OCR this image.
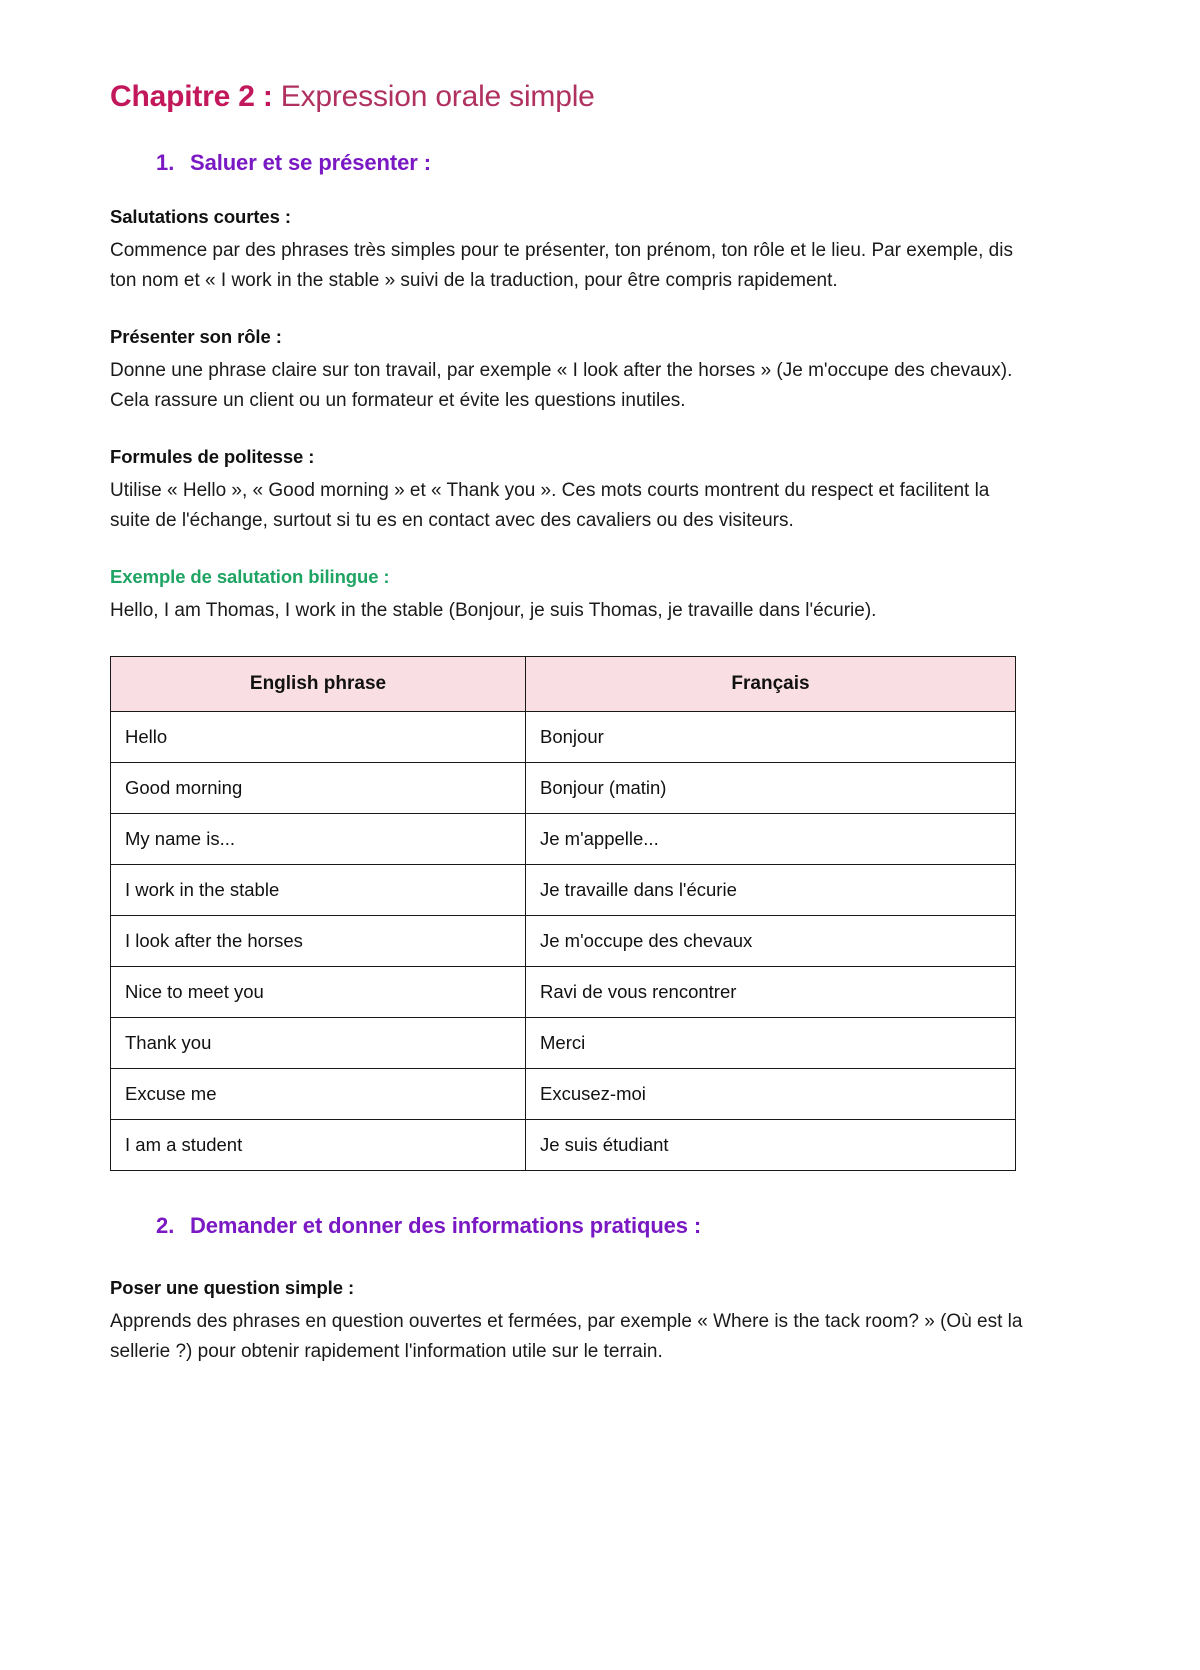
Chapitre 2 : Expression orale simple
1. Saluer et se présenter :
Salutations courtes :

Commence par des phrases très simples pour te présenter, ton prénom, ton rôle et le lieu. Par exemple, dis ton nom et « I work in the stable » suivi de la traduction, pour être compris rapidement.

Présenter son rôle :

Donne une phrase claire sur ton travail, par exemple « I look after the horses » (Je m'occupe des chevaux). Cela rassure un client ou un formateur et évite les questions inutiles.

Formules de politesse :

Utilise « Hello », « Good morning » et « Thank you ». Ces mots courts montrent du respect et facilitent la suite de l'échange, surtout si tu es en contact avec des cavaliers ou des visiteurs.

Exemple de salutation bilingue :

Hello, I am Thomas, I work in the stable (Bonjour, je suis Thomas, je travaille dans l'écurie).

English phrase	Français
Hello	Bonjour
Good morning	Bonjour (matin)
My name is...	Je m'appelle...
I work in the stable	Je travaille dans l'écurie
I look after the horses	Je m'occupe des chevaux
Nice to meet you	Ravi de vous rencontrer
Thank you	Merci
Excuse me	Excusez-moi
I am a student	Je suis étudiant
2. Demander et donner des informations pratiques :
Poser une question simple :

Apprends des phrases en question ouvertes et fermées, par exemple « Where is the tack room? » (Où est la sellerie ?) pour obtenir rapidement l'information utile sur le terrain.
